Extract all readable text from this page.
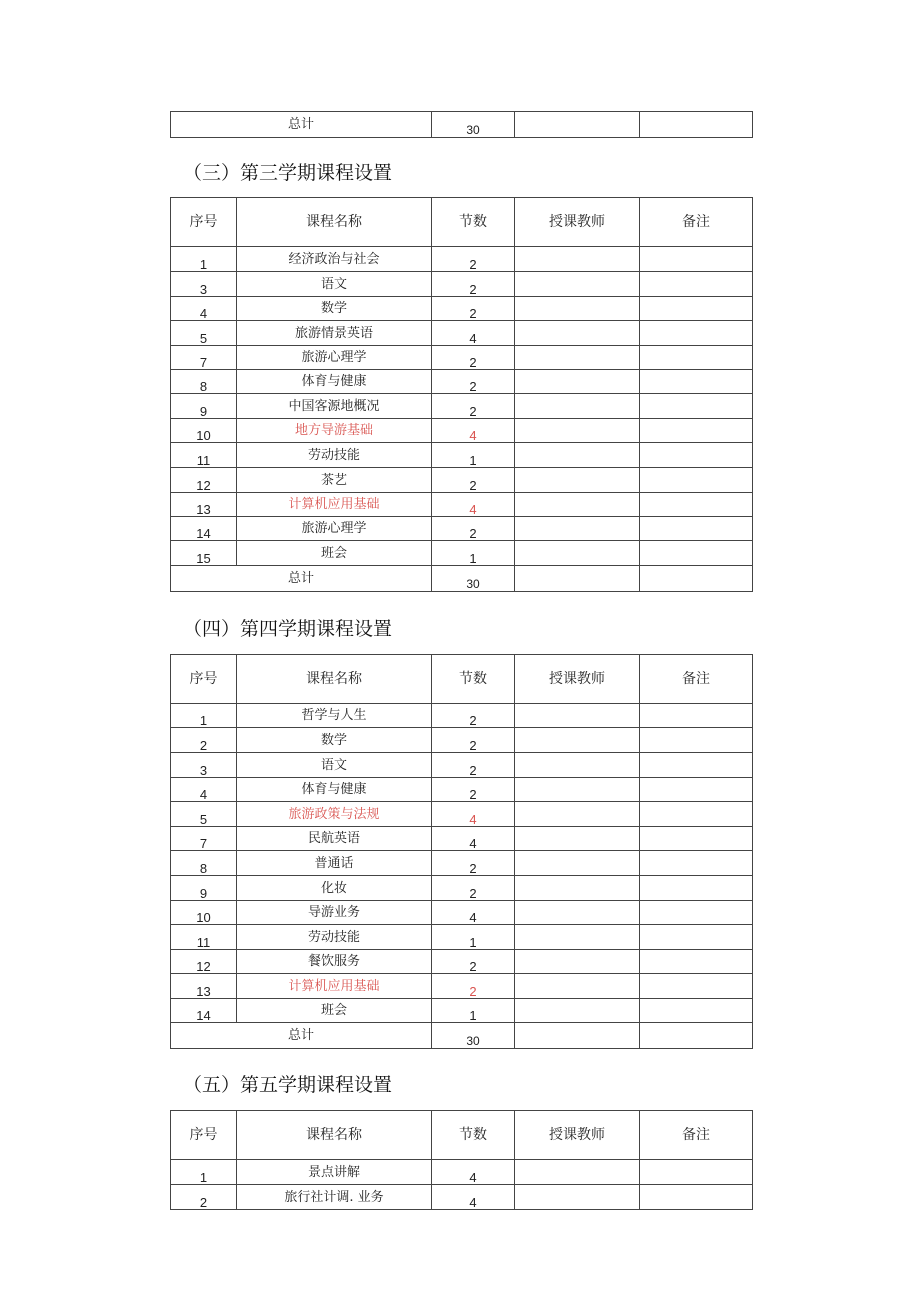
总计	30		
（三）第三学期课程设置
序号	课程名称	节数	授课教师	备注
1	经济政治与社会	2		
3	语文	2		
4	数学	2		
5	旅游情景英语	4		
7	旅游心理学	2		
8	体育与健康	2		
9	中国客源地概况	2		
10	地方导游基础	4		
11	劳动技能	1		
12	茶艺	2		
13	计算机应用基础	4		
14	旅游心理学	2		
15	班会	1		
总计		30		
（四）第四学期课程设置
序号	课程名称	节数	授课教师	备注
1	哲学与人生	2		
2	数学	2		
3	语文	2		
4	体育与健康	2		
5	旅游政策与法规	4		
7	民航英语	4		
8	普通话	2		
9	化妆	2		
10	导游业务	4		
11	劳动技能	1		
12	餐饮服务	2		
13	计算机应用基础	2		
14	班会	1		
总计		30		
（五）第五学期课程设置
序号	课程名称	节数	授课教师	备注
1	景点讲解	4		
2	旅行社计调. 业务	4		
